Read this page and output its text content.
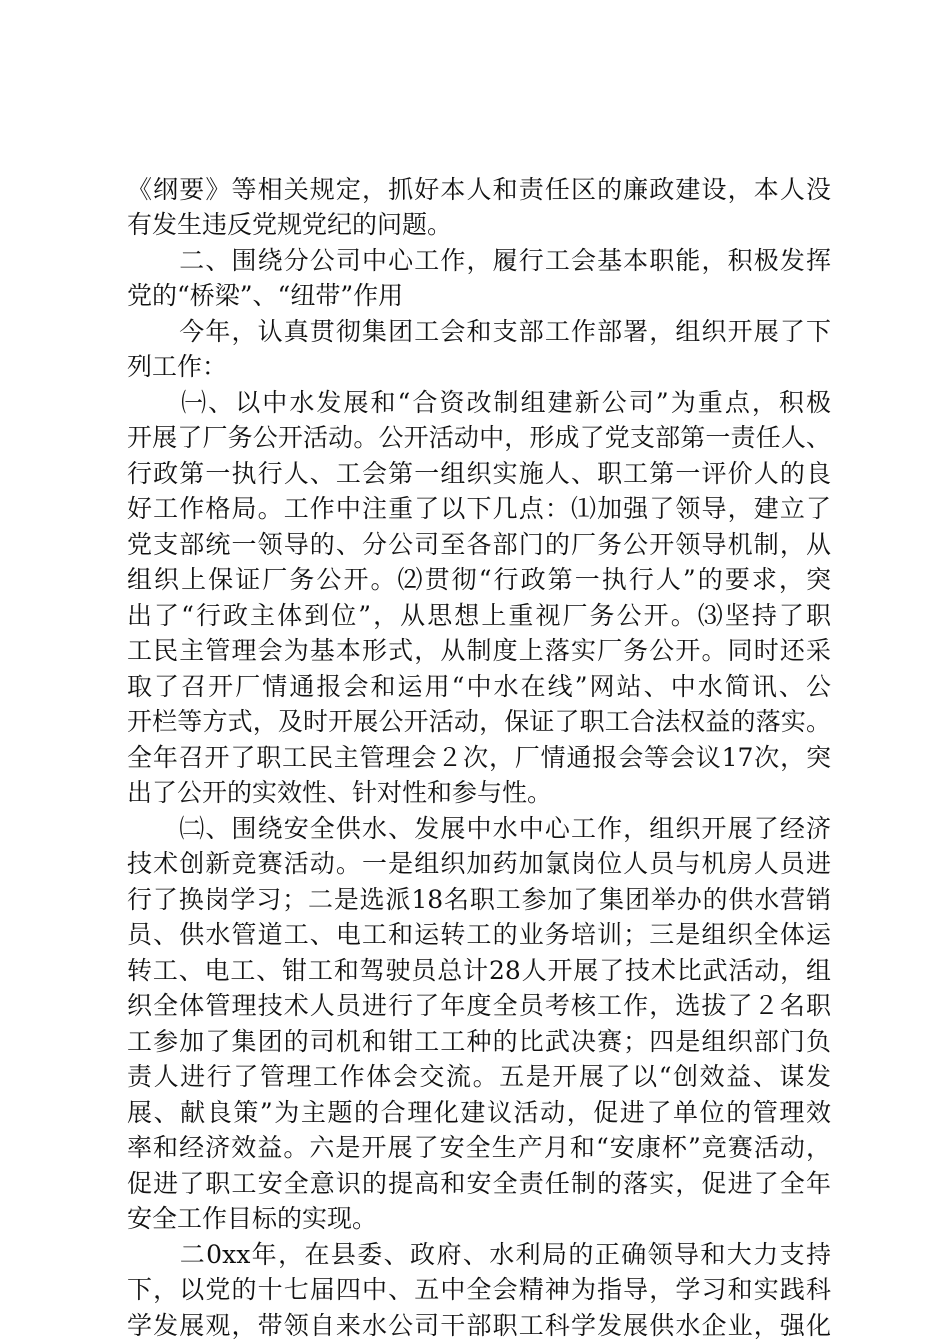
《纲要》等相关规定，抓好本人和责任区的廉政建设，本人没
有发生违反党规党纪的问题。
　　二、围绕分公司中心工作，履行工会基本职能，积极发挥
党的“桥梁”、“纽带”作用
　　今年，认真贯彻集团工会和支部工作部署，组织开展了下
列工作：
　　㈠、以中水发展和“合资改制组建新公司”为重点，积极
开展了厂务公开活动。公开活动中，形成了党支部第一责任人、
行政第一执行人、工会第一组织实施人、职工第一评价人的良
好工作格局。工作中注重了以下几点：⑴加强了领导，建立了
党支部统一领导的、分公司至各部门的厂务公开领导机制，从
组织上保证厂务公开。⑵贯彻“行政第一执行人”的要求，突
出了“行政主体到位”，从思想上重视厂务公开。⑶坚持了职
工民主管理会为基本形式，从制度上落实厂务公开。同时还采
取了召开厂情通报会和运用“中水在线”网站、中水简讯、公
开栏等方式，及时开展公开活动，保证了职工合法权益的落实。
全年召开了职工民主管理会２次，厂情通报会等会议17次，突
出了公开的实效性、针对性和参与性。
　　㈡、围绕安全供水、发展中水中心工作，组织开展了经济
技术创新竞赛活动。一是组织加药加氯岗位人员与机房人员进
行了换岗学习；二是选派18名职工参加了集团举办的供水营销
员、供水管道工、电工和运转工的业务培训；三是组织全体运
转工、电工、钳工和驾驶员总计28人开展了技术比武活动，组
织全体管理技术人员进行了年度全员考核工作，选拔了２名职
工参加了集团的司机和钳工工种的比武决赛；四是组织部门负
责人进行了管理工作体会交流。五是开展了以“创效益、谋发
展、献良策”为主题的合理化建议活动，促进了单位的管理效
率和经济效益。六是开展了安全生产月和“安康杯”竞赛活动，
促进了职工安全意识的提高和安全责任制的落实，促进了全年
安全工作目标的实现。
　　二0xx年，在县委、政府、水利局的正确领导和大力支持
下，以党的十七届四中、五中全会精神为指导，学习和实践科
学发展观，带领自来水公司干部职工科学发展供水企业，强化
